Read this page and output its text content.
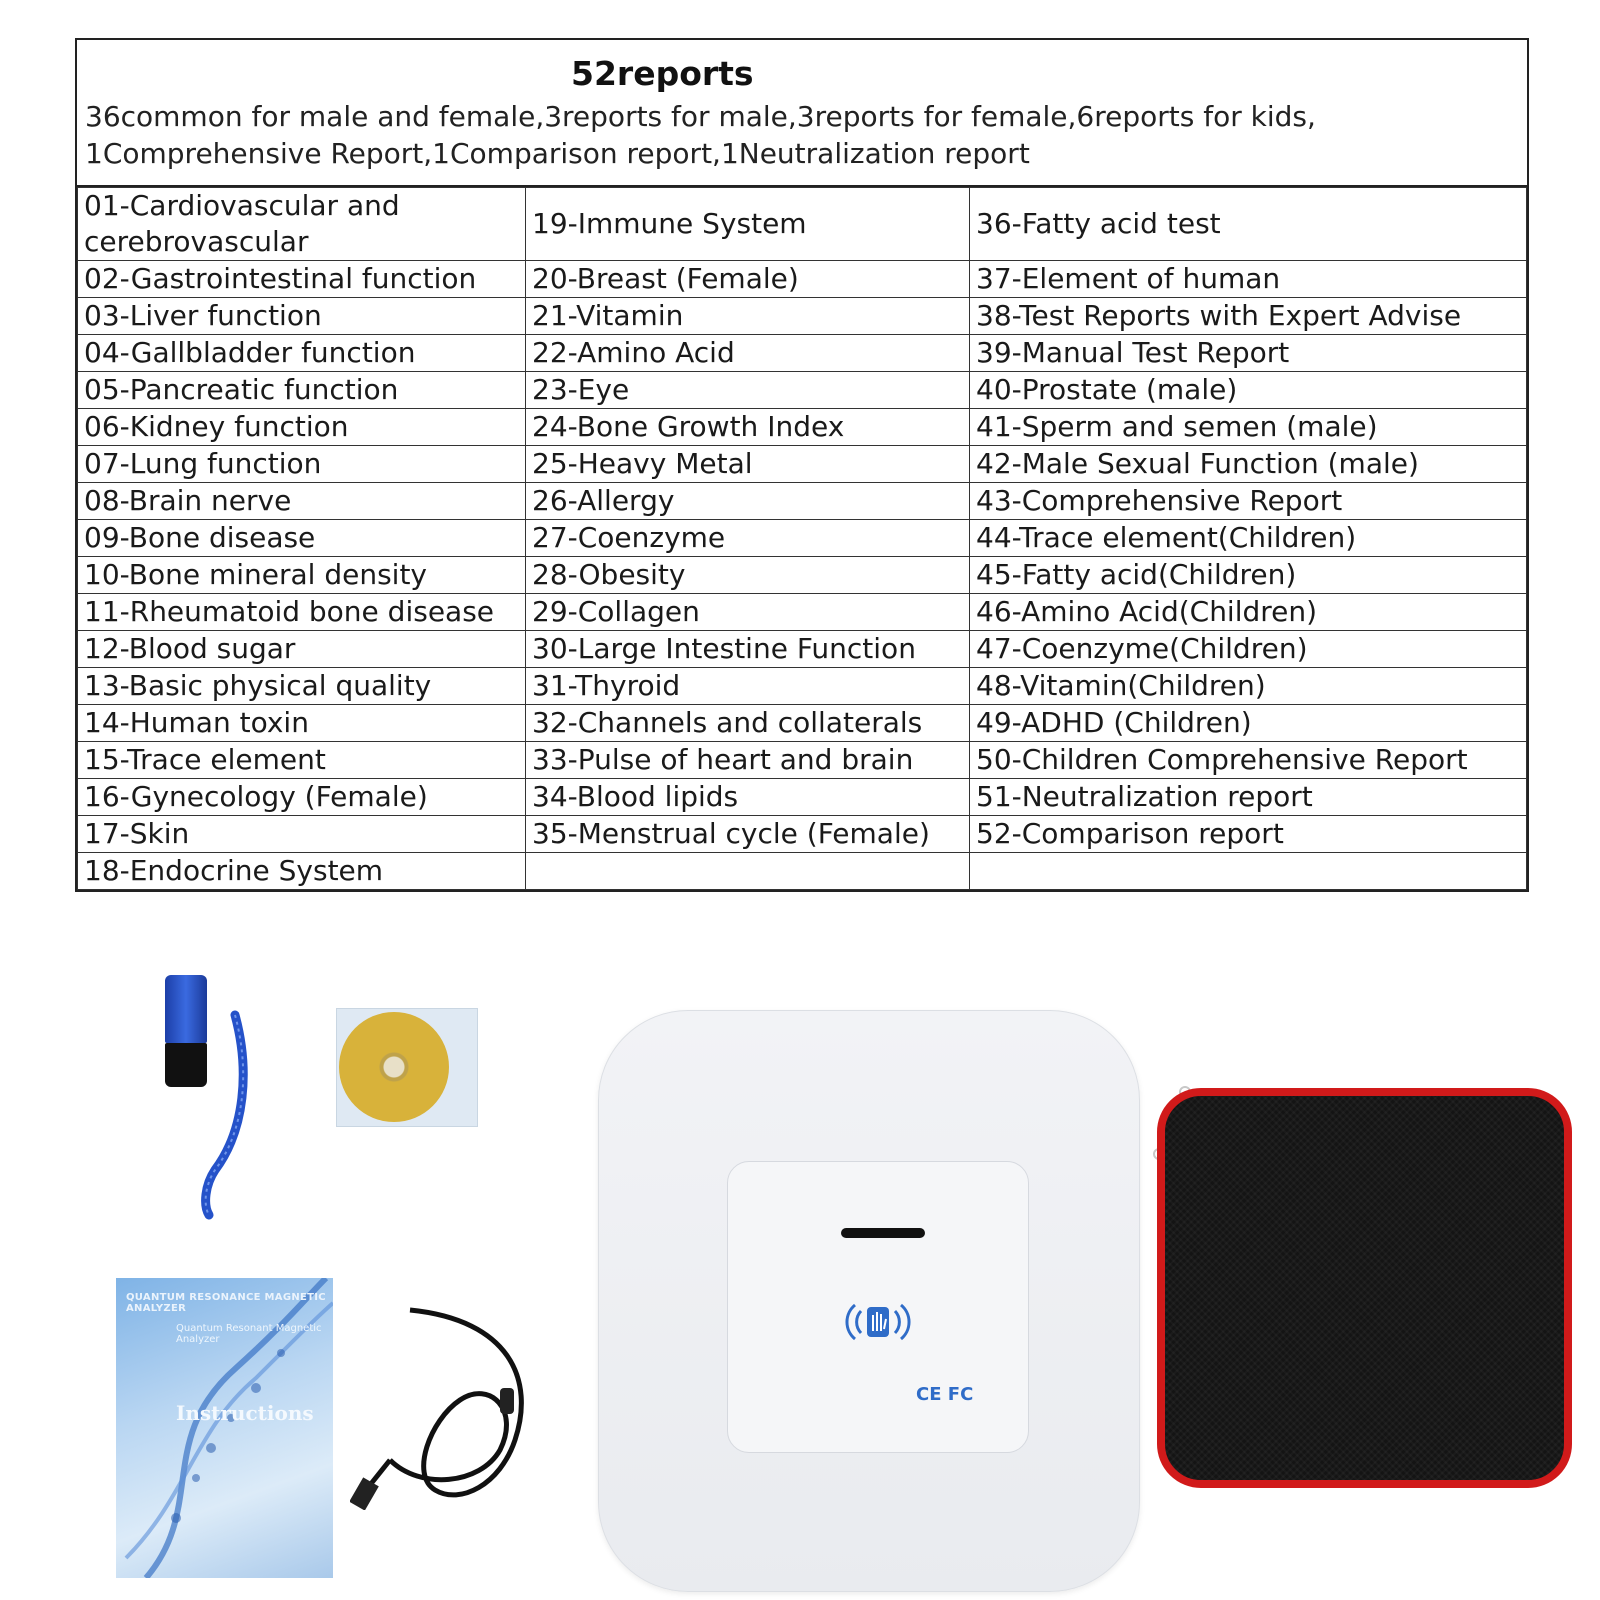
52reports

36common for male and female,3reports for male,3reports for female,6reports for kids,

1Comprehensive Report,1Comparison report,1Neutralization report

01-Cardiovascular and cerebrovascular	19-Immune System	36-Fatty acid test
02-Gastrointestinal function	20-Breast (Female)	37-Element of human
03-Liver function	21-Vitamin	38-Test Reports with Expert Advise
04-Gallbladder function	22-Amino Acid	39-Manual Test Report
05-Pancreatic function	23-Eye	40-Prostate (male)
06-Kidney function	24-Bone Growth Index	41-Sperm and semen (male)
07-Lung function	25-Heavy Metal	42-Male Sexual Function (male)
08-Brain nerve	26-Allergy	43-Comprehensive Report
09-Bone disease	27-Coenzyme	44-Trace element(Children)
10-Bone mineral density	28-Obesity	45-Fatty acid(Children)
11-Rheumatoid bone disease	29-Collagen	46-Amino Acid(Children)
12-Blood sugar	30-Large Intestine Function	47-Coenzyme(Children)
13-Basic physical quality	31-Thyroid	48-Vitamin(Children)
14-Human toxin	32-Channels and collaterals	49-ADHD (Children)
15-Trace element	33-Pulse of heart and brain	50-Children Comprehensive Report
16-Gynecology (Female)	34-Blood lipids	51-Neutralization report
17-Skin	35-Menstrual cycle (Female)	52-Comparison report
18-Endocrine System		
QUANTUM RESONANCE MAGNETIC ANALYZER
Quantum Resonant Magnetic Analyzer
Instructions
CE FC
